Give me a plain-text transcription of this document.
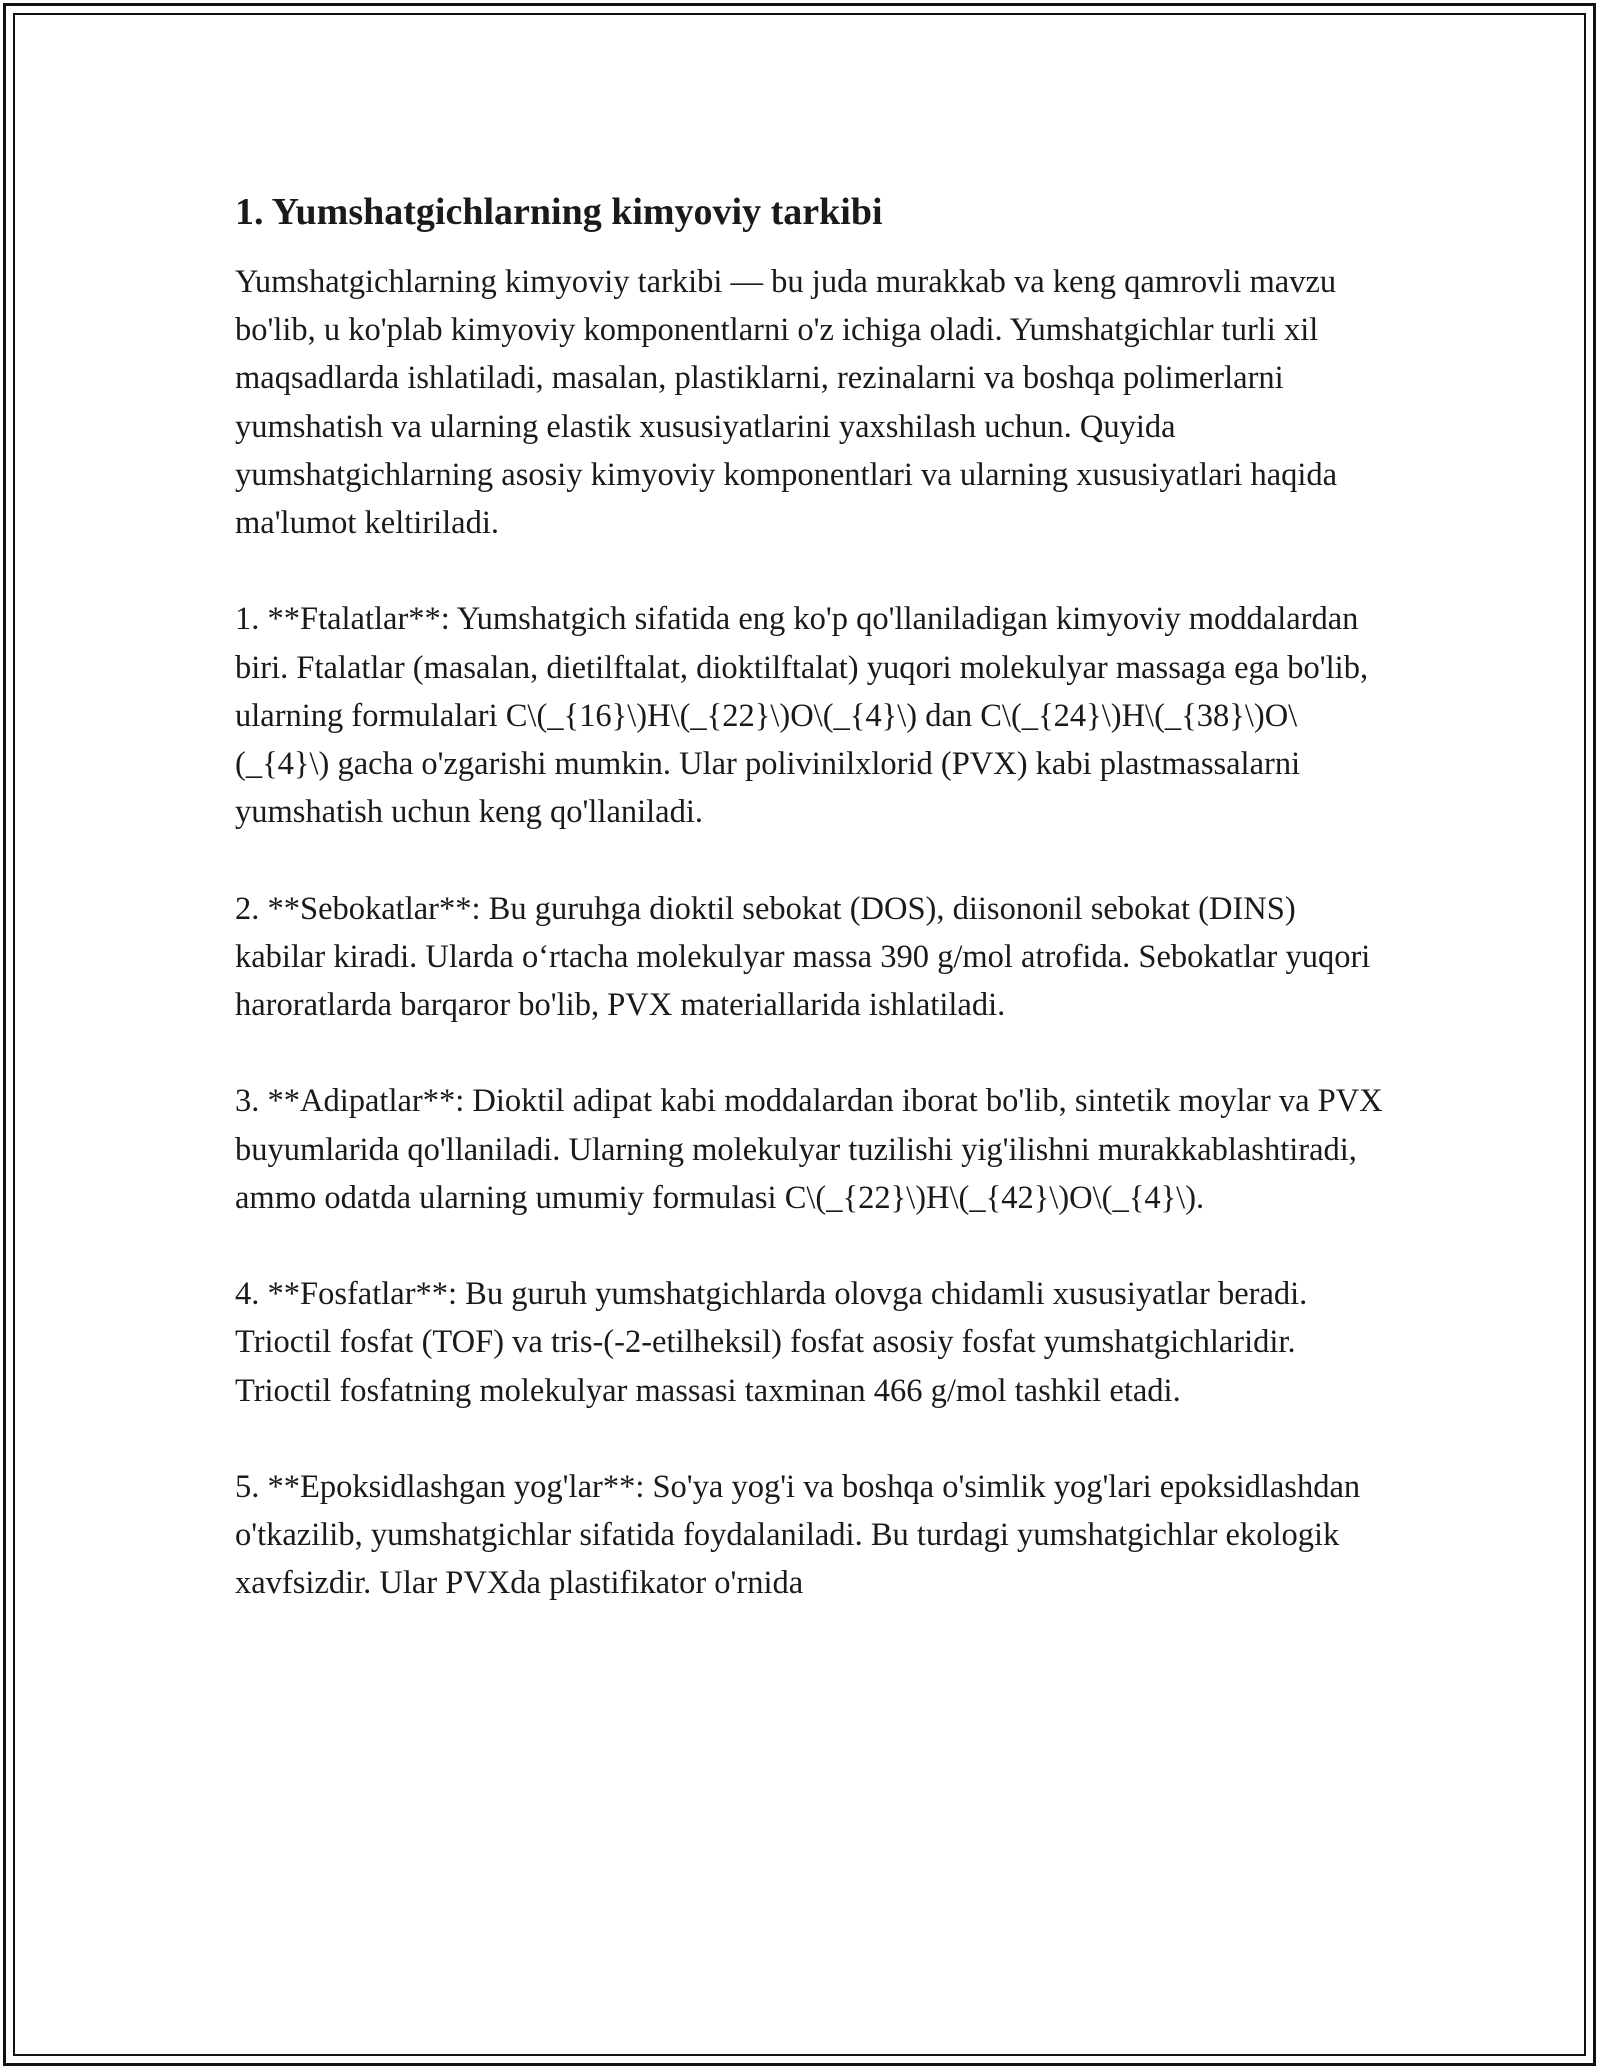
1. Yumshatgichlarning kimyoviy tarkibi
Yumshatgichlarning kimyoviy tarkibi — bu juda murakkab va keng qamrovli mavzu bo'lib, u ko'plab kimyoviy komponentlarni o'z ichiga oladi. Yumshatgichlar turli xil maqsadlarda ishlatiladi, masalan, plastiklarni, rezinalarni va boshqa polimerlarni yumshatish va ularning elastik xususiyatlarini yaxshilash uchun. Quyida yumshatgichlarning asosiy kimyoviy komponentlari va ularning xususiyatlari haqida ma'lumot keltiriladi.
1. **Ftalatlar**: Yumshatgich sifatida eng ko'p qo'llaniladigan kimyoviy moddalardan biri. Ftalatlar (masalan, dietilftalat, dioktilftalat) yuqori molekulyar massaga ega bo'lib, ularning formulalari C\(_{16}\)H\(_{22}\)O\(_{4}\) dan C\(_{24}\)H\(_{38}\)O\(_{4}\) gacha o'zgarishi mumkin. Ular polivinilxlorid (PVX) kabi plastmassalarni yumshatish uchun keng qo'llaniladi.
2. **Sebokatlar**: Bu guruhga dioktil sebokat (DOS), diisononil sebokat (DINS) kabilar kiradi. Ularda o‘rtacha molekulyar massa 390 g/mol atrofida. Sebokatlar yuqori haroratlarda barqaror bo'lib, PVX materiallarida ishlatiladi.
3. **Adipatlar**: Dioktil adipat kabi moddalardan iborat bo'lib, sintetik moylar va PVX buyumlarida qo'llaniladi. Ularning molekulyar tuzilishi yig'ilishni murakkablashtiradi, ammo odatda ularning umumiy formulasi C\(_{22}\)H\(_{42}\)O\(_{4}\).
4. **Fosfatlar**: Bu guruh yumshatgichlarda olovga chidamli xususiyatlar beradi. Trioctil fosfat (TOF) va tris-(-2-etilheksil) fosfat asosiy fosfat yumshatgichlaridir. Trioctil fosfatning molekulyar massasi taxminan 466 g/mol tashkil etadi.
5. **Epoksidlashgan yog'lar**: So'ya yog'i va boshqa o'simlik yog'lari epoksidlashdan o'tkazilib, yumshatgichlar sifatida foydalaniladi. Bu turdagi yumshatgichlar ekologik xavfsizdir. Ular PVXda plastifikator o'rnida
